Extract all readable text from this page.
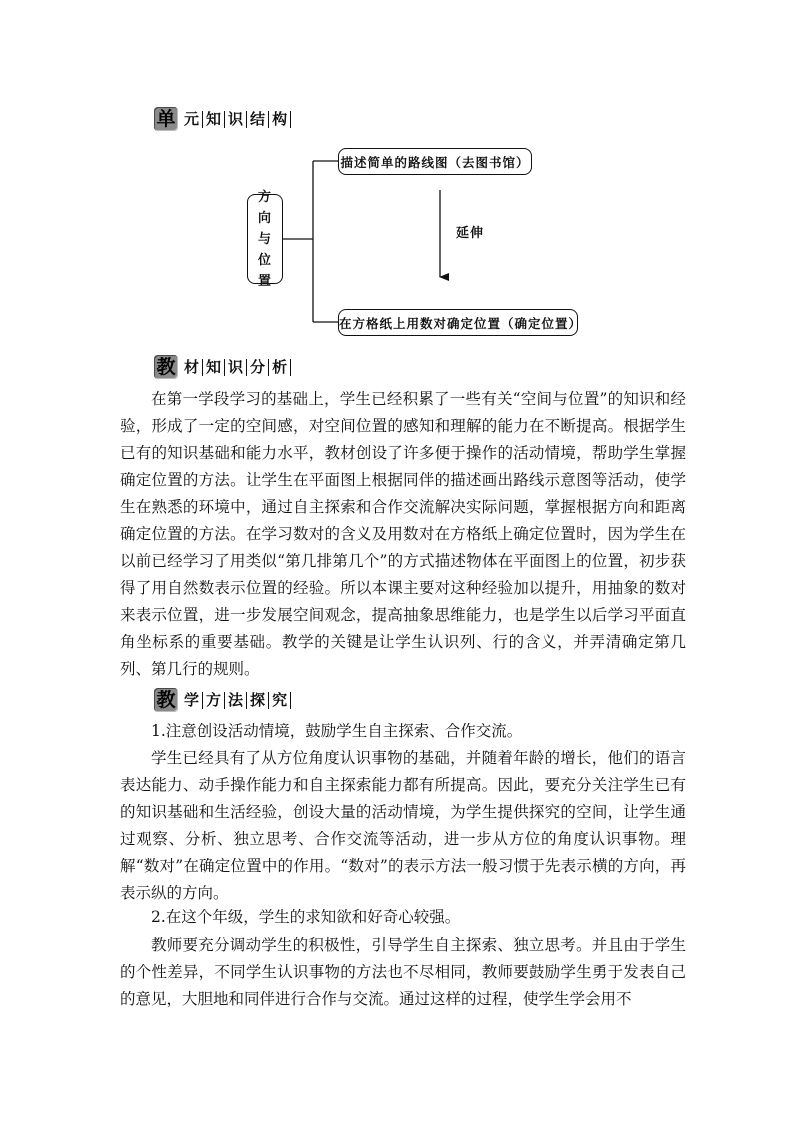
单 元 知 识 结 构
方
向
与
位
置
描述简单的路线图（去图书馆）
延伸
在方格纸上用数对确定位置（确定位置）
教 材 知 识 分 析
在第一学段学习的基础上，学生已经积累了一些有关“空间与位置”的知识和经验，形成了一定的空间感，对空间位置的感知和理解的能力在不断提高。根据学生已有的知识基础和能力水平，教材创设了许多便于操作的活动情境，帮助学生掌握确定位置的方法。让学生在平面图上根据同伴的描述画出路线示意图等活动，使学生在熟悉的环境中，通过自主探索和合作交流解决实际问题，掌握根据方向和距离确定位置的方法。在学习数对的含义及用数对在方格纸上确定位置时，因为学生在以前已经学习了用类似“第几排第几个”的方式描述物体在平面图上的位置，初步获得了用自然数表示位置的经验。所以本课主要对这种经验加以提升，用抽象的数对来表示位置，进一步发展空间观念，提高抽象思维能力，也是学生以后学习平面直角坐标系的重要基础。教学的关键是让学生认识列、行的含义，并弄清确定第几列、第几行的规则。
教 学 方 法 探 究
1.注意创设活动情境，鼓励学生自主探索、合作交流。
学生已经具有了从方位角度认识事物的基础，并随着年龄的增长，他们的语言表达能力、动手操作能力和自主探索能力都有所提高。因此，要充分关注学生已有的知识基础和生活经验，创设大量的活动情境，为学生提供探究的空间，让学生通过观察、分析、独立思考、合作交流等活动，进一步从方位的角度认识事物。理解“数对”在确定位置中的作用。“数对”的表示方法一般习惯于先表示横的方向，再表示纵的方向。
2.在这个年级，学生的求知欲和好奇心较强。
教师要充分调动学生的积极性，引导学生自主探索、独立思考。并且由于学生的个性差异，不同学生认识事物的方法也不尽相同，教师要鼓励学生勇于发表自己的意见，大胆地和同伴进行合作与交流。通过这样的过程，使学生学会用不
